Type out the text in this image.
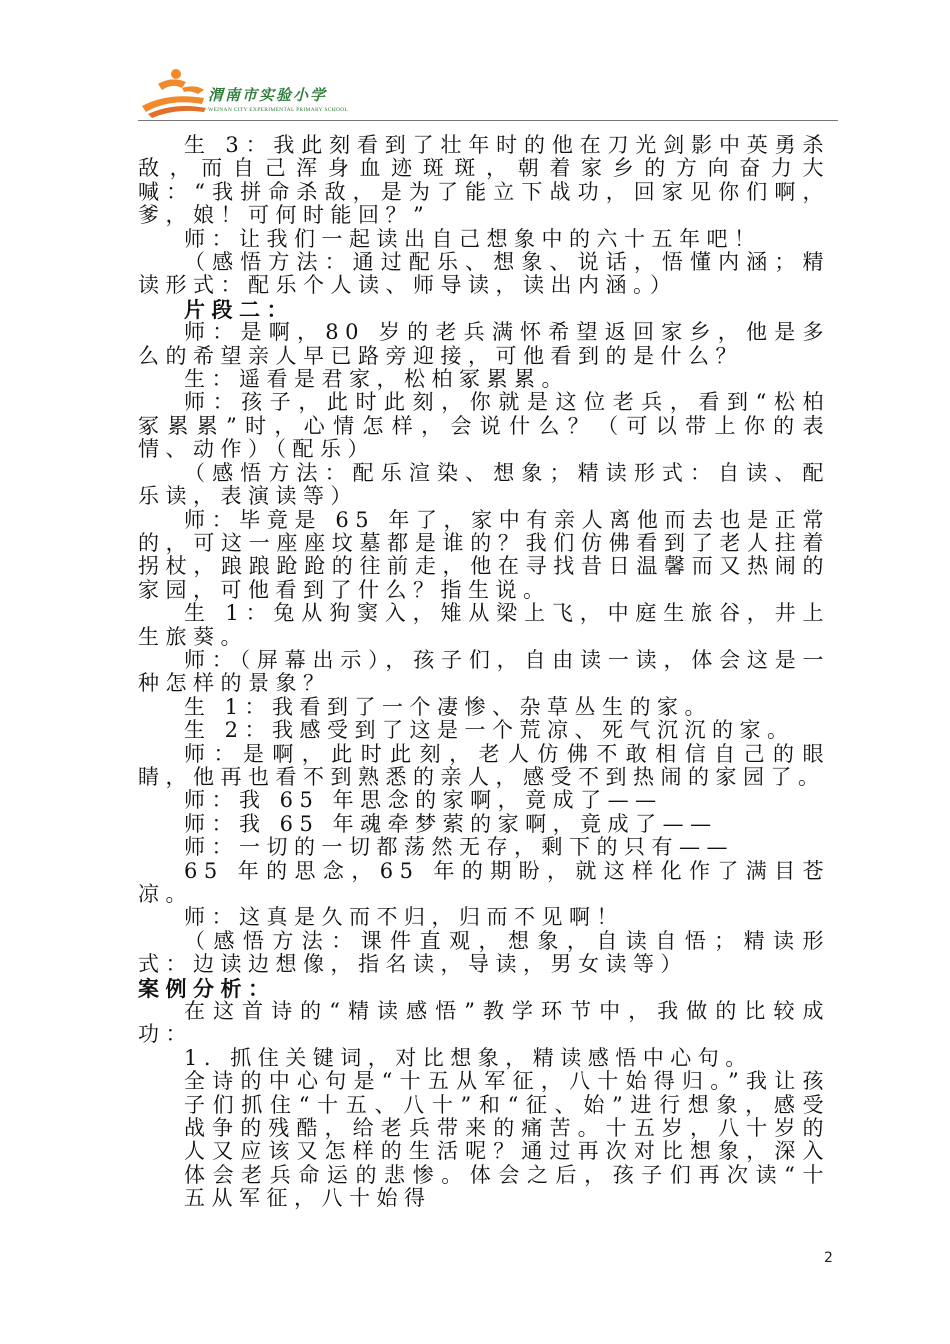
渭南市实验小学
WEINAN CITY EXPERIMENTAL PRIMARY SCHOOL

生 3：我此刻看到了壮年时的他在刀光剑影中英勇杀敌，而自己浑身血迹斑斑，朝着家乡的方向奋力大喊：“我拼命杀敌，是为了能立下战功，回家见你们啊，爹，娘！可何时能回？”

师：让我们一起读出自己想象中的六十五年吧！

（感悟方法：通过配乐、想象、说话，悟懂内涵；精读形式：配乐个人读、师导读，读出内涵。）

片段二：

师：是啊，80 岁的老兵满怀希望返回家乡，他是多么的希望亲人早已路旁迎接，可他看到的是什么？

生：遥看是君家，松柏冢累累。

师：孩子，此时此刻，你就是这位老兵，看到“松柏冢累累”时，心情怎样，会说什么？（可以带上你的表情、动作）（配乐）

（感悟方法：配乐渲染、想象；精读形式：自读、配乐读，表演读等）

师：毕竟是 65 年了，家中有亲人离他而去也是正常的，可这一座座坟墓都是谁的？我们仿佛看到了老人拄着拐杖，踉踉跄跄的往前走，他在寻找昔日温馨而又热闹的家园，可他看到了什么？指生说。

生 1：兔从狗窦入，雉从梁上飞，中庭生旅谷，井上生旅葵。

师：（屏幕出示），孩子们，自由读一读，体会这是一种怎样的景象？

生 1：我看到了一个凄惨、杂草丛生的家。

生 2：我感受到了这是一个荒凉、死气沉沉的家。

师：是啊，此时此刻，老人仿佛不敢相信自己的眼睛，他再也看不到熟悉的亲人，感受不到热闹的家园了。

师：我 65 年思念的家啊，竟成了——

师：我 65 年魂牵梦萦的家啊，竟成了——

师：一切的一切都荡然无存，剩下的只有——

65 年的思念，65 年的期盼，就这样化作了满目苍凉。

师：这真是久而不归，归而不见啊！

（感悟方法：课件直观，想象，自读自悟；精读形式：边读边想像，指名读，导读，男女读等）

案例分析：

在这首诗的“精读感悟”教学环节中，我做的比较成功：

1. 抓住关键词，对比想象，精读感悟中心句。

全诗的中心句是“十五从军征，八十始得归。”我让孩子们抓住“十五、八十”和“征、始”进行想象，感受战争的残酷，给老兵带来的痛苦。十五岁，八十岁的人又应该又怎样的生活呢？通过再次对比想象，深入体会老兵命运的悲惨。体会之后，孩子们再次读“十五从军征，八十始得

2
